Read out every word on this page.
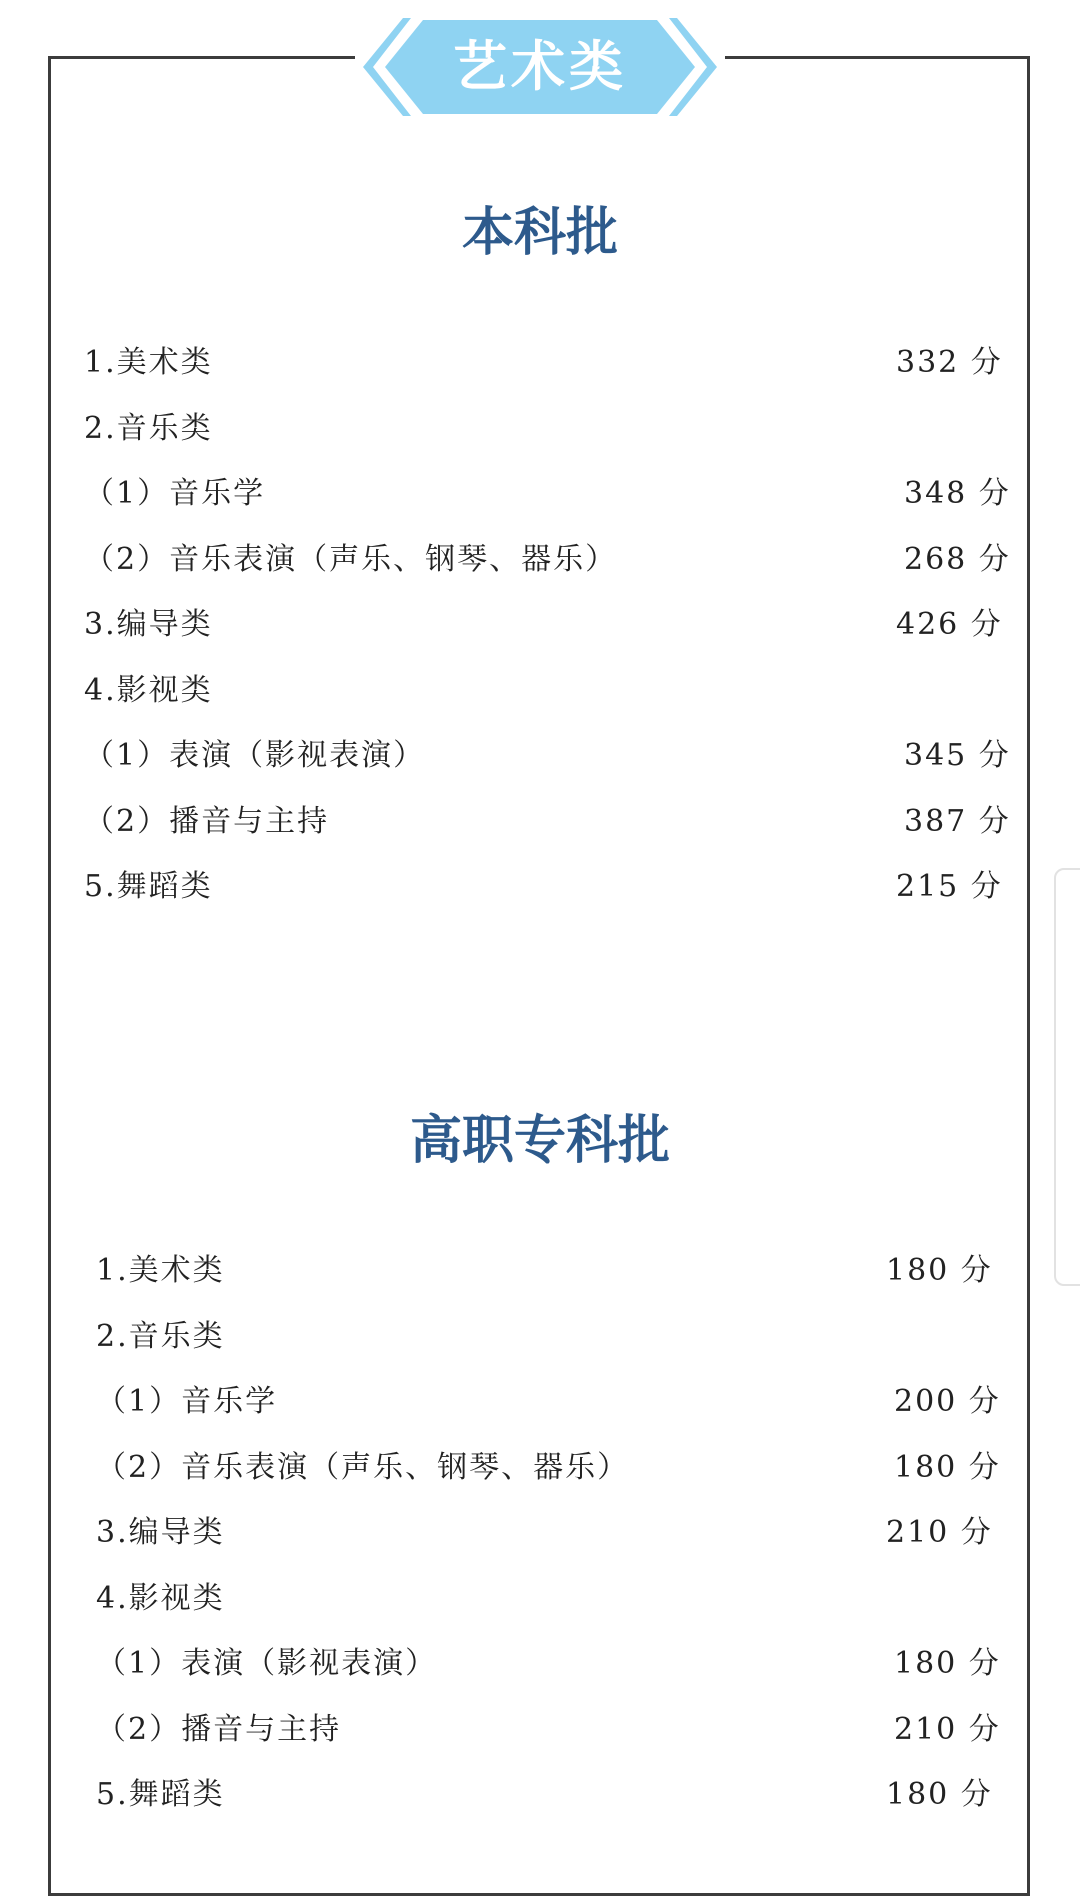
艺术类
本科批
1.美术类	332 分
2.音乐类
（1）音乐学	348 分
（2）音乐表演（声乐、钢琴、器乐）	268 分
3.编导类	426 分
4.影视类
（1）表演（影视表演）	345 分
（2）播音与主持	387 分
5.舞蹈类	215 分
高职专科批
1.美术类	180 分
2.音乐类
（1）音乐学	200 分
（2）音乐表演（声乐、钢琴、器乐）	180 分
3.编导类	210 分
4.影视类
（1）表演（影视表演）	180 分
（2）播音与主持	210 分
5.舞蹈类	180 分
